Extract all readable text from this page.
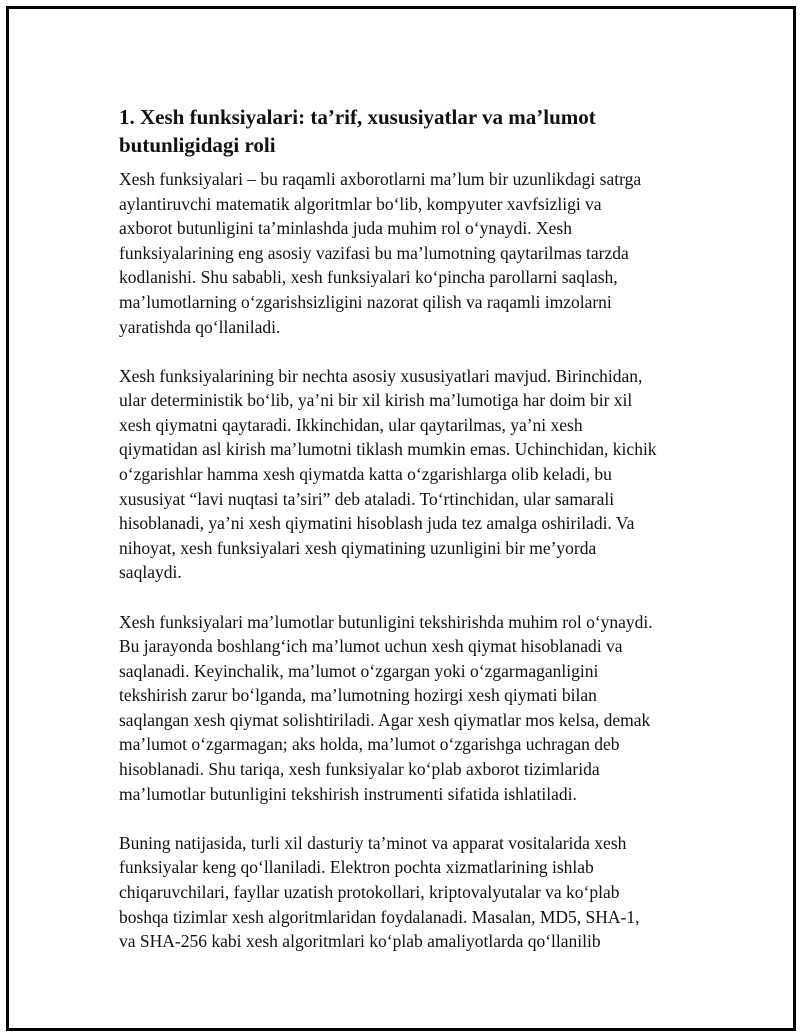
1. Xesh funksiyalari: ta’rif, xususiyatlar va ma’lumot
butunligidagi roli

Xesh funksiyalari – bu raqamli axborotlarni ma’lum bir uzunlikdagi satrga
aylantiruvchi matematik algoritmlar bo‘lib, kompyuter xavfsizligi va
axborot butunligini ta’minlashda juda muhim rol o‘ynaydi. Xesh
funksiyalarining eng asosiy vazifasi bu ma’lumotning qaytarilmas tarzda
kodlanishi. Shu sababli, xesh funksiyalari ko‘pincha parollarni saqlash,
ma’lumotlarning o‘zgarishsizligini nazorat qilish va raqamli imzolarni
yaratishda qo‘llaniladi.

Xesh funksiyalarining bir nechta asosiy xususiyatlari mavjud. Birinchidan,
ular deterministik bo‘lib, ya’ni bir xil kirish ma’lumotiga har doim bir xil
xesh qiymatni qaytaradi. Ikkinchidan, ular qaytarilmas, ya’ni xesh
qiymatidan asl kirish ma’lumotni tiklash mumkin emas. Uchinchidan, kichik
o‘zgarishlar hamma xesh qiymatda katta o‘zgarishlarga olib keladi, bu
xususiyat “lavi nuqtasi ta’siri” deb ataladi. To‘rtinchidan, ular samarali
hisoblanadi, ya’ni xesh qiymatini hisoblash juda tez amalga oshiriladi. Va
nihoyat, xesh funksiyalari xesh qiymatining uzunligini bir me’yorda
saqlaydi.

Xesh funksiyalari ma’lumotlar butunligini tekshirishda muhim rol o‘ynaydi.
Bu jarayonda boshlang‘ich ma’lumot uchun xesh qiymat hisoblanadi va
saqlanadi. Keyinchalik, ma’lumot o‘zgargan yoki o‘zgarmaganligini
tekshirish zarur bo‘lganda, ma’lumotning hozirgi xesh qiymati bilan
saqlangan xesh qiymat solishtiriladi. Agar xesh qiymatlar mos kelsa, demak
ma’lumot o‘zgarmagan; aks holda, ma’lumot o‘zgarishga uchragan deb
hisoblanadi. Shu tariqa, xesh funksiyalar ko‘plab axborot tizimlarida
ma’lumotlar butunligini tekshirish instrumenti sifatida ishlatiladi.

Buning natijasida, turli xil dasturiy ta’minot va apparat vositalarida xesh
funksiyalar keng qo‘llaniladi. Elektron pochta xizmatlarining ishlab
chiqaruvchilari, fayllar uzatish protokollari, kriptovalyutalar va ko‘plab
boshqa tizimlar xesh algoritmlaridan foydalanadi. Masalan, MD5, SHA-1,
va SHA-256 kabi xesh algoritmlari ko‘plab amaliyotlarda qo‘llanilib
